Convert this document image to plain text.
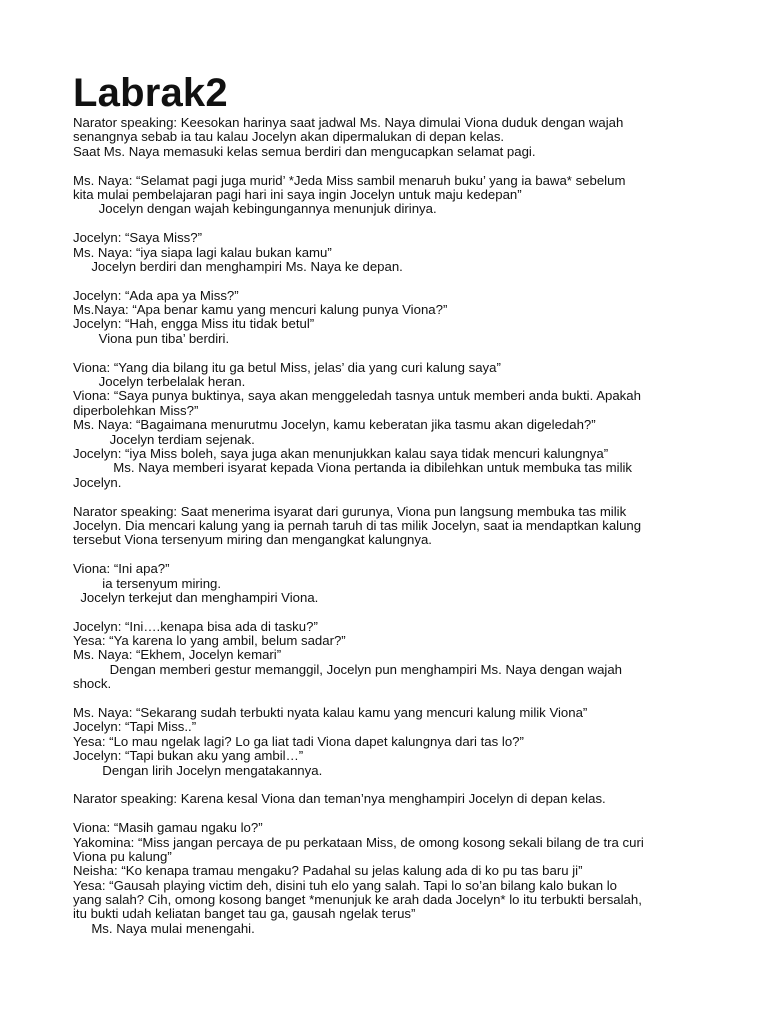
Labrak2
Narator speaking: Keesokan harinya saat jadwal Ms. Naya dimulai Viona duduk dengan wajah
senangnya sebab ia tau kalau Jocelyn akan dipermalukan di depan kelas.
Saat Ms. Naya memasuki kelas semua berdiri dan mengucapkan selamat pagi.
Ms. Naya: “Selamat pagi juga murid’ *Jeda Miss sambil menaruh buku’ yang ia bawa* sebelum
kita mulai pembelajaran pagi hari ini saya ingin Jocelyn untuk maju kedepan”
Jocelyn dengan wajah kebingungannya menunjuk dirinya.
Jocelyn: “Saya Miss?”
Ms. Naya: “iya siapa lagi kalau bukan kamu”
Jocelyn berdiri dan menghampiri Ms. Naya ke depan.
Jocelyn: “Ada apa ya Miss?”
Ms.Naya: “Apa benar kamu yang mencuri kalung punya Viona?”
Jocelyn: “Hah, engga Miss itu tidak betul”
Viona pun tiba’ berdiri.
Viona: “Yang dia bilang itu ga betul Miss, jelas’ dia yang curi kalung saya”
Jocelyn terbelalak heran.
Viona: “Saya punya buktinya, saya akan menggeledah tasnya untuk memberi anda bukti. Apakah
diperbolehkan Miss?”
Ms. Naya: “Bagaimana menurutmu Jocelyn, kamu keberatan jika tasmu akan digeledah?”
Jocelyn terdiam sejenak.
Jocelyn: “iya Miss boleh, saya juga akan menunjukkan kalau saya tidak mencuri kalungnya”
Ms. Naya memberi isyarat kepada Viona pertanda ia dibilehkan untuk membuka tas milik
Jocelyn.
Narator speaking: Saat menerima isyarat dari gurunya, Viona pun langsung membuka tas milik
Jocelyn. Dia mencari kalung yang ia pernah taruh di tas milik Jocelyn, saat ia mendaptkan kalung
tersebut Viona tersenyum miring dan mengangkat kalungnya.
Viona: “Ini apa?”
ia tersenyum miring.
Jocelyn terkejut dan menghampiri Viona.
Jocelyn: “Ini….kenapa bisa ada di tasku?”
Yesa: “Ya karena lo yang ambil, belum sadar?”
Ms. Naya: “Ekhem, Jocelyn kemari”
Dengan memberi gestur memanggil, Jocelyn pun menghampiri Ms. Naya dengan wajah
shock.
Ms. Naya: “Sekarang sudah terbukti nyata kalau kamu yang mencuri kalung milik Viona”
Jocelyn: “Tapi Miss..”
Yesa: “Lo mau ngelak lagi? Lo ga liat tadi Viona dapet kalungnya dari tas lo?”
Jocelyn: “Tapi bukan aku yang ambil…”
Dengan lirih Jocelyn mengatakannya.
Narator speaking: Karena kesal Viona dan teman’nya menghampiri Jocelyn di depan kelas.
Viona: “Masih gamau ngaku lo?”
Yakomina: “Miss jangan percaya de pu perkataan Miss, de omong kosong sekali bilang de tra curi
Viona pu kalung”
Neisha: “Ko kenapa tramau mengaku? Padahal su jelas kalung ada di ko pu tas baru ji”
Yesa: “Gausah playing victim deh, disini tuh elo yang salah. Tapi lo so’an bilang kalo bukan lo
yang salah? Cih, omong kosong banget *menunjuk ke arah dada Jocelyn* lo itu terbukti bersalah,
itu bukti udah keliatan banget tau ga, gausah ngelak terus”
Ms. Naya mulai menengahi.
